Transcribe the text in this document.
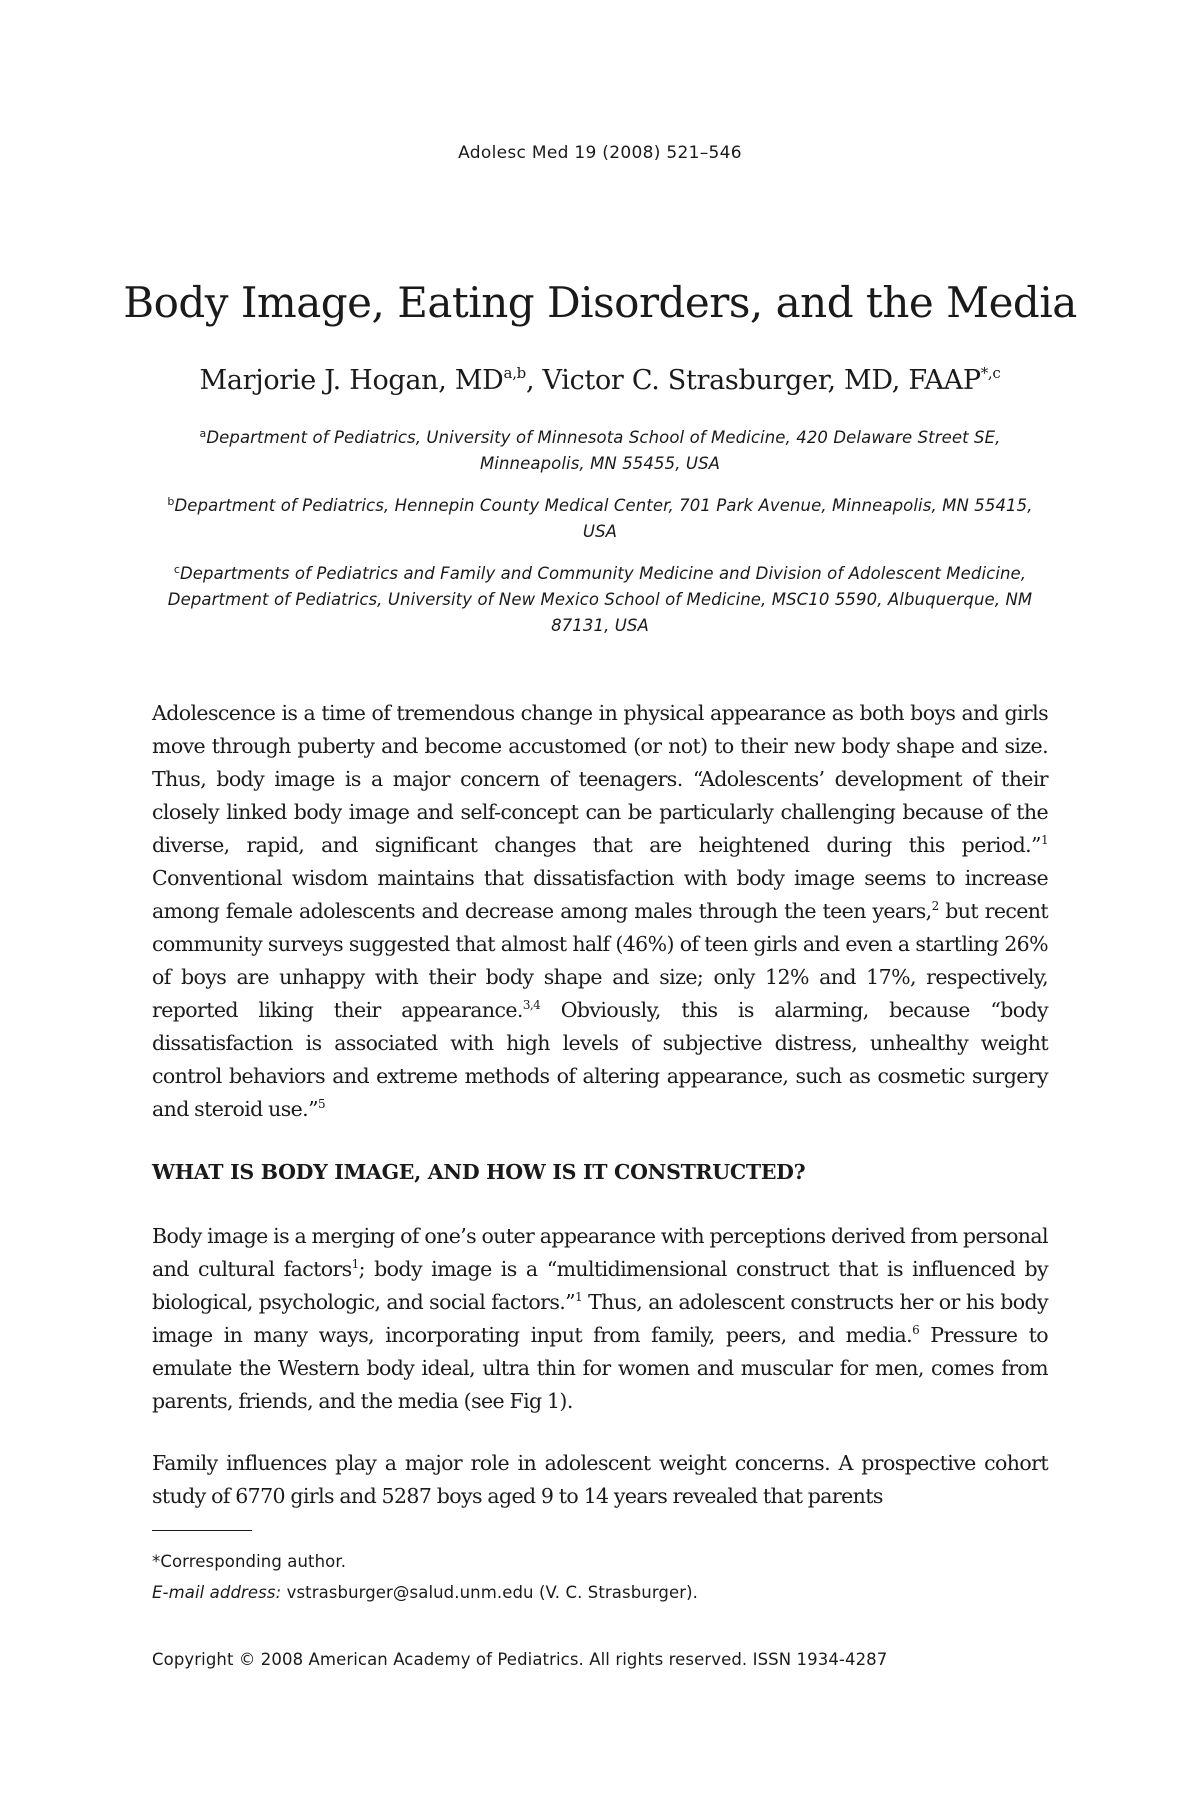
Adolesc Med 19 (2008) 521–546
Body Image, Eating Disorders, and the Media
Marjorie J. Hogan, MD$^{a,b}$, Victor C. Strasburger, MD, $FAAP^{*,c}$
$^a$Department of Pediatrics, University of Minnesota School of Medicine, 420 Delaware Street SE, Minneapolis, MN 55455, USA
$^b$Department of Pediatrics, Hennepin County Medical Center, 701 Park Avenue, Minneapolis, MN 55415, USA
$^c$Departments of Pediatrics and Family and Community Medicine and Division of Adolescent Medicine, Department of Pediatrics, University of New Mexico School of Medicine, MSC10 5590, Albuquerque, NM 87131, USA

Adolescence is a time of tremendous change in physical appearance as both boys and girls move through puberty and become accustomed (or not) to their new body shape and size. Thus, body image is a major concern of teenagers. “Adolescents’ development of their closely linked body image and self-concept can be particularly challenging because of the diverse, rapid, and significant changes that are heightened during this period.”$^1$ Conventional wisdom maintains that dissatisfaction with body image seems to increase among female adolescents and decrease among males through the teen years,$^2$ but recent community surveys suggested that almost half (46%) of teen girls and even a startling 26% of boys are unhappy with their body shape and size; only 12% and 17%, respectively, reported liking their appearance.$^{3,4}$ Obviously, this is alarming, because “body dissatisfaction is associated with high levels of subjective distress, unhealthy weight control behaviors and extreme methods of altering appearance, such as cosmetic surgery and steroid use.”$^5$

WHAT IS BODY IMAGE, AND HOW IS IT CONSTRUCTED?

Body image is a merging of one’s outer appearance with perceptions derived from personal and cultural factors$^1$; body image is a “multidimensional construct that is influenced by biological, psychologic, and social factors.”$^1$ Thus, an adolescent constructs her or his body image in many ways, incorporating input from family, peers, and media.$^6$ Pressure to emulate the Western body ideal, ultra thin for women and muscular for men, comes from parents, friends, and the media (see Fig 1).

Family influences play a major role in adolescent weight concerns. A prospective cohort study of 6770 girls and 5287 boys aged 9 to 14 years revealed that parents

*Corresponding author.
E-mail address: vstrasburger@salud.unm.edu (V. C. Strasburger).
Copyright © 2008 American Academy of Pediatrics. All rights reserved. ISSN 1934-4287
